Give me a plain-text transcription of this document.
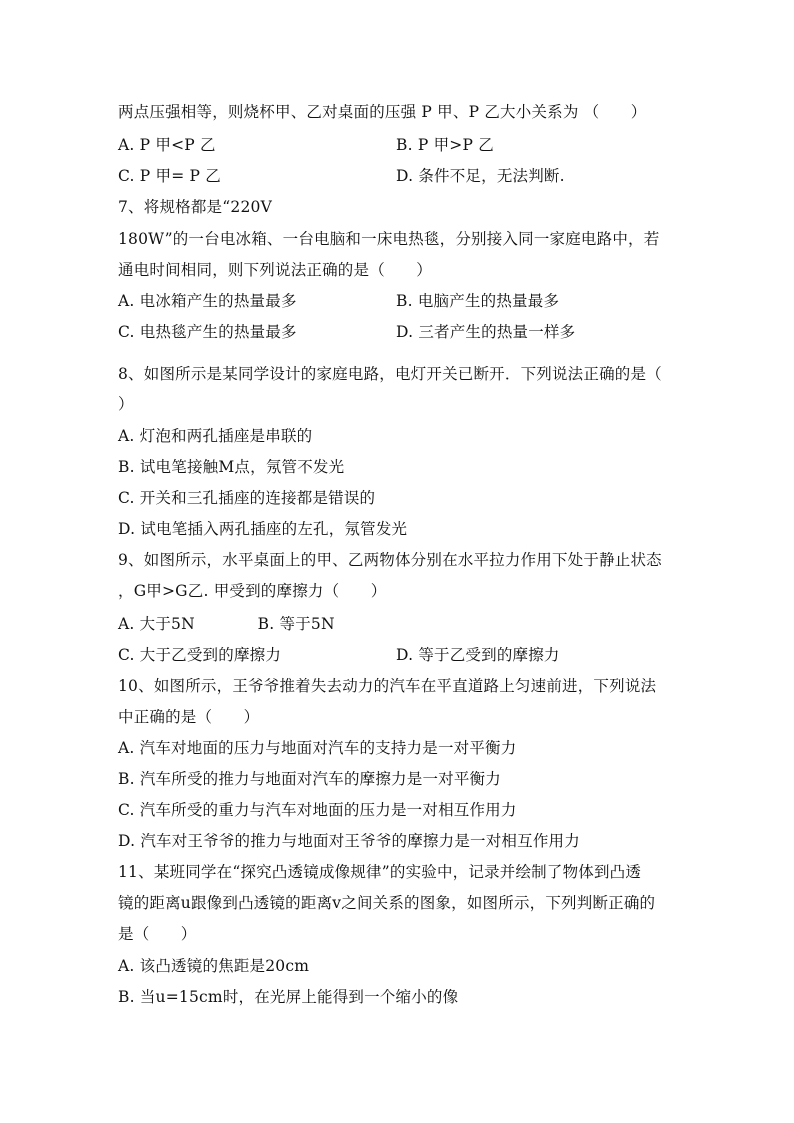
两点压强相等，则烧杯甲、乙对桌面的压强 P 甲、P 乙大小关系为 （　　）
A. P 甲<P 乙	B. P 甲>P 乙
C. P 甲= P 乙	D. 条件不足，无法判断.
7、将规格都是“220V
180W”的一台电冰箱、一台电脑和一床电热毯，分别接入同一家庭电路中，若
通电时间相同，则下列说法正确的是（　　）
A. 电冰箱产生的热量最多	B. 电脑产生的热量最多
C. 电热毯产生的热量最多	D. 三者产生的热量一样多
8、如图所示是某同学设计的家庭电路，电灯开关已断开．下列说法正确的是（
）
A. 灯泡和两孔插座是串联的
B. 试电笔接触M点，氖管不发光
C. 开关和三孔插座的连接都是错误的
D. 试电笔插入两孔插座的左孔，氖管发光
9、如图所示，水平桌面上的甲、乙两物体分别在水平拉力作用下处于静止状态
，G甲>G乙. 甲受到的摩擦力（　　）
A. 大于5N　　　　B. 等于5N
C. 大于乙受到的摩擦力	D. 等于乙受到的摩擦力
10、如图所示，王爷爷推着失去动力的汽车在平直道路上匀速前进，下列说法
中正确的是（　　）
A. 汽车对地面的压力与地面对汽车的支持力是一对平衡力
B. 汽车所受的推力与地面对汽车的摩擦力是一对平衡力
C. 汽车所受的重力与汽车对地面的压力是一对相互作用力
D. 汽车对王爷爷的推力与地面对王爷爷的摩擦力是一对相互作用力
11、某班同学在“探究凸透镜成像规律”的实验中，记录并绘制了物体到凸透
镜的距离u跟像到凸透镜的距离v之间关系的图象，如图所示，下列判断正确的
是（　　）
A. 该凸透镜的焦距是20cm
B. 当u=15cm时，在光屏上能得到一个缩小的像
